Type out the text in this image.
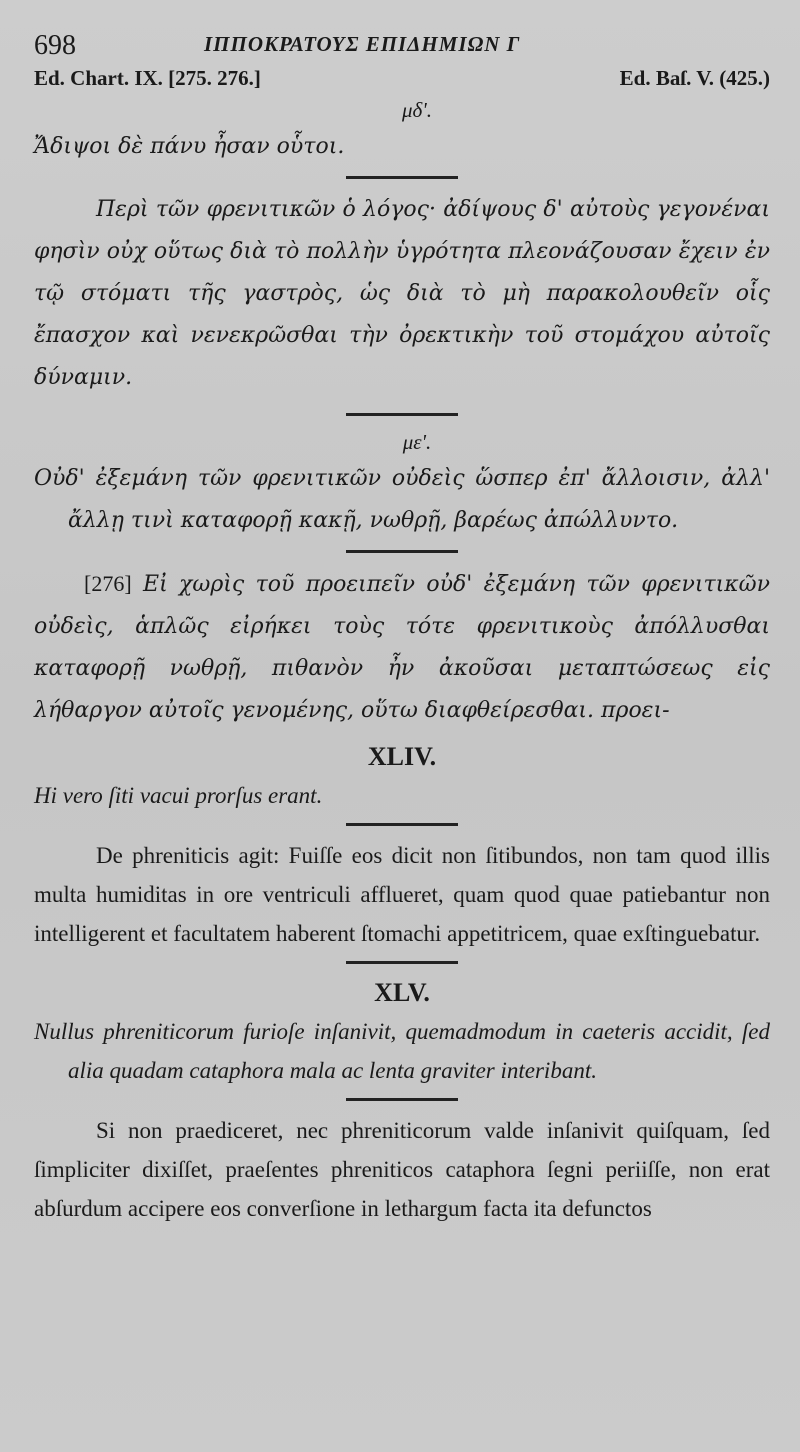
698	ΙΠΠΟΚΡΑΤΟΥΣ ΕΠΙΔΗΜΙΩΝ Γ
Ed. Chart. IX. [275. 276.]	Ed. Baſ. V. (425.)
μδ'.

Ἄδιψοι δὲ πάνυ ἦσαν οὗτοι.

Περὶ τῶν φρενιτικῶν ὁ λόγος· ἀδίψους δ' αὐτοὺς γεγονέναι φησὶν οὐχ οὕτως διὰ τὸ πολλὴν ὑγρότητα πλεονάζουσαν ἔχειν ἐν τῷ στόματι τῆς γαστρὸς, ὡς διὰ τὸ μὴ παρακολουθεῖν οἷς ἔπασχον καὶ νενεκρῶσθαι τὴν ὀρεκτικὴν τοῦ στομάχου αὐτοῖς δύναμιν.

με'.

Οὐδ' ἐξεμάνη τῶν φρενιτικῶν οὐδεὶς ὥσπερ ἐπ' ἄλλοισιν, ἀλλ' ἄλλῃ τινὶ καταφορῇ κακῇ, νωθρῇ, βαρέως ἀπώλλυντο.

[276] Εἰ χωρὶς τοῦ προειπεῖν οὐδ' ἐξεμάνη τῶν φρενιτικῶν οὐδεὶς, ἁπλῶς εἰρήκει τοὺς τότε φρενιτικοὺς ἀπόλλυσθαι καταφορῇ νωθρῇ, πιθανὸν ἦν ἀκοῦσαι μεταπτώσεως εἰς λήθαργον αὐτοῖς γενομένης, οὕτω διαφθείρεσθαι. προει-

XLIV.

Hi vero ſiti vacui prorſus erant.

De phreniticis agit: Fuiſſe eos dicit non ſitibundos, non tam quod illis multa humiditas in ore ventriculi afflueret, quam quod quae patiebantur non intelligerent et facultatem haberent ſtomachi appetitricem, quae exſtinguebatur.

XLV.

Nullus phreniticorum furioſe inſanivit, quemadmodum in caeteris accidit, ſed alia quadam cataphora mala ac lenta graviter interibant.

Si non praediceret, nec phreniticorum valde inſanivit quiſquam, ſed ſimpliciter dixiſſet, praeſentes phreniticos cataphora ſegni periiſſe, non erat abſurdum accipere eos converſione in lethargum facta ita defunctos
